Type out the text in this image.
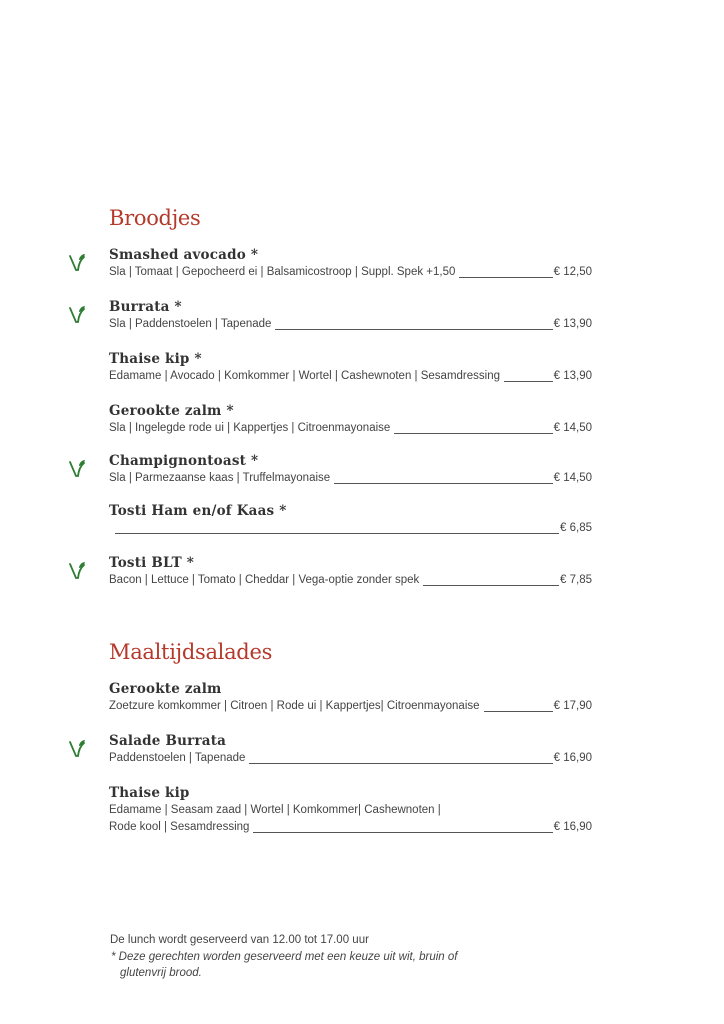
Broodjes
Smashed avocado *
Sla | Tomaat | Gepocheerd ei | Balsamicostroop | Suppl. Spek +1,50	€ 12,50
Burrata *
Sla | Paddenstoelen | Tapenade	€ 13,90
Thaise kip *
Edamame | Avocado | Komkommer | Wortel | Cashewnoten | Sesamdressing	€ 13,90
Gerookte zalm *
Sla | Ingelegde rode ui | Kappertjes | Citroenmayonaise	€ 14,50
Champignontoast *
Sla | Parmezaanse kaas | Truffelmayonaise	€ 14,50
Tosti Ham en/of Kaas *
€ 6,85
Tosti BLT *
Bacon | Lettuce | Tomato | Cheddar | Vega-optie zonder spek	€ 7,85
Maaltijdsalades
Gerookte zalm
Zoetzure komkommer | Citroen | Rode ui | Kappertjes| Citroenmayonaise	€ 17,90
Salade Burrata
Paddenstoelen | Tapenade	€ 16,90
Thaise kip
Edamame | Seasam zaad | Wortel | Komkommer| Cashewnoten |
Rode kool | Sesamdressing	€ 16,90
De lunch wordt geserveerd van 12.00 tot 17.00 uur
* Deze gerechten worden geserveerd met een keuze uit wit, bruin of
glutenvrij brood.
